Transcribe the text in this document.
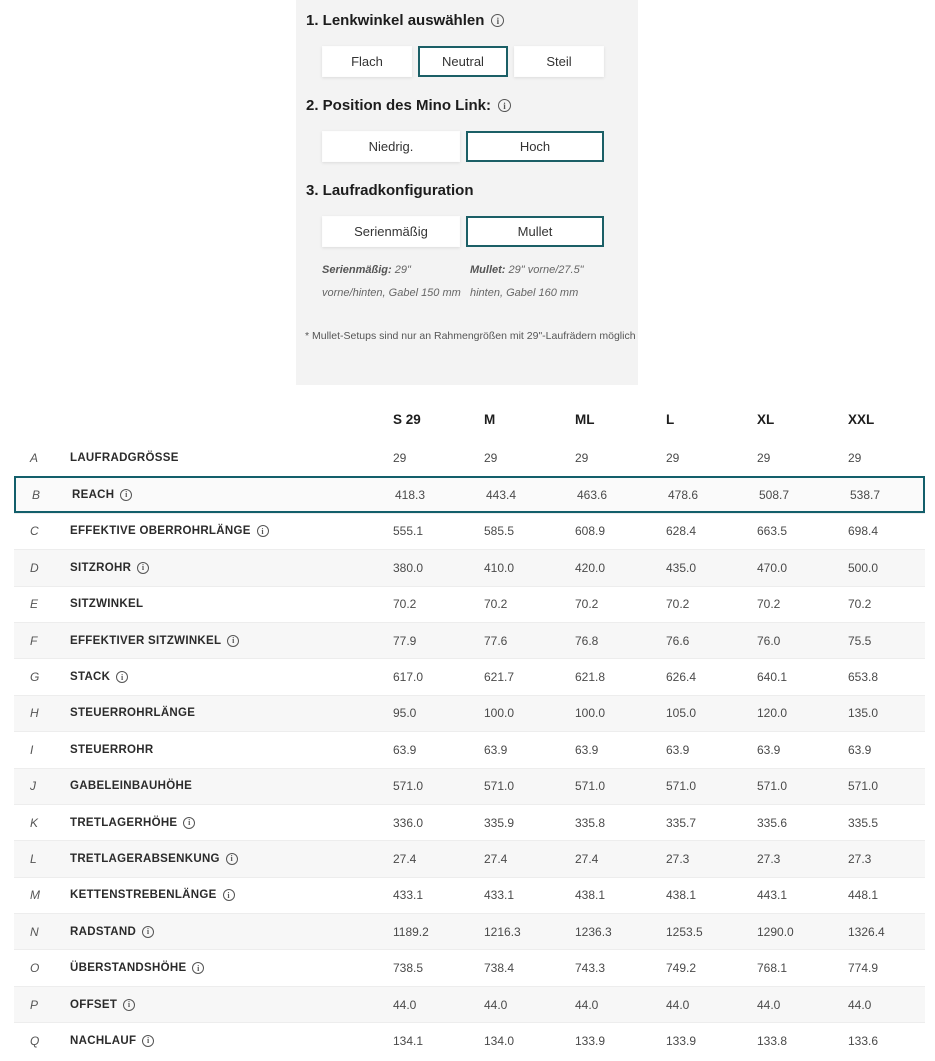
1. Lenkwinkel auswählen	i
Flach	Neutral	Steil
2. Position des Mino Link:	i
Niedrig.	Hoch
3. Laufradkonfiguration
Serienmäßig	Mullet
Serienmäßig: 29" vorne/hinten, Gabel 150 mm
Mullet: 29" vorne/27.5" hinten, Gabel 160 mm
* Mullet-Setups sind nur an Rahmengrößen mit 29"-Laufrädern möglich
S 29	M	ML	L	XL	XXL
A	LAUFRADGRÖSSE	29	29	29	29	29	29
B	REACH	i	418.3	443.4	463.6	478.6	508.7	538.7
C	EFFEKTIVE OBERROHRLÄNGE	i	555.1	585.5	608.9	628.4	663.5	698.4
D	SITZROHR	i	380.0	410.0	420.0	435.0	470.0	500.0
E	SITZWINKEL	70.2	70.2	70.2	70.2	70.2	70.2
F	EFFEKTIVER SITZWINKEL	i	77.9	77.6	76.8	76.6	76.0	75.5
G	STACK	i	617.0	621.7	621.8	626.4	640.1	653.8
H	STEUERROHRLÄNGE	95.0	100.0	100.0	105.0	120.0	135.0
I	STEUERROHR	63.9	63.9	63.9	63.9	63.9	63.9
J	GABELEINBAUHÖHE	571.0	571.0	571.0	571.0	571.0	571.0
K	TRETLAGERHÖHE	i	336.0	335.9	335.8	335.7	335.6	335.5
L	TRETLAGERABSENKUNG	i	27.4	27.4	27.4	27.3	27.3	27.3
M	KETTENSTREBENLÄNGE	i	433.1	433.1	438.1	438.1	443.1	448.1
N	RADSTAND	i	1189.2	1216.3	1236.3	1253.5	1290.0	1326.4
O	ÜBERSTANDSHÖHE	i	738.5	738.4	743.3	749.2	768.1	774.9
P	OFFSET	i	44.0	44.0	44.0	44.0	44.0	44.0
Q	NACHLAUF	i	134.1	134.0	133.9	133.9	133.8	133.6
